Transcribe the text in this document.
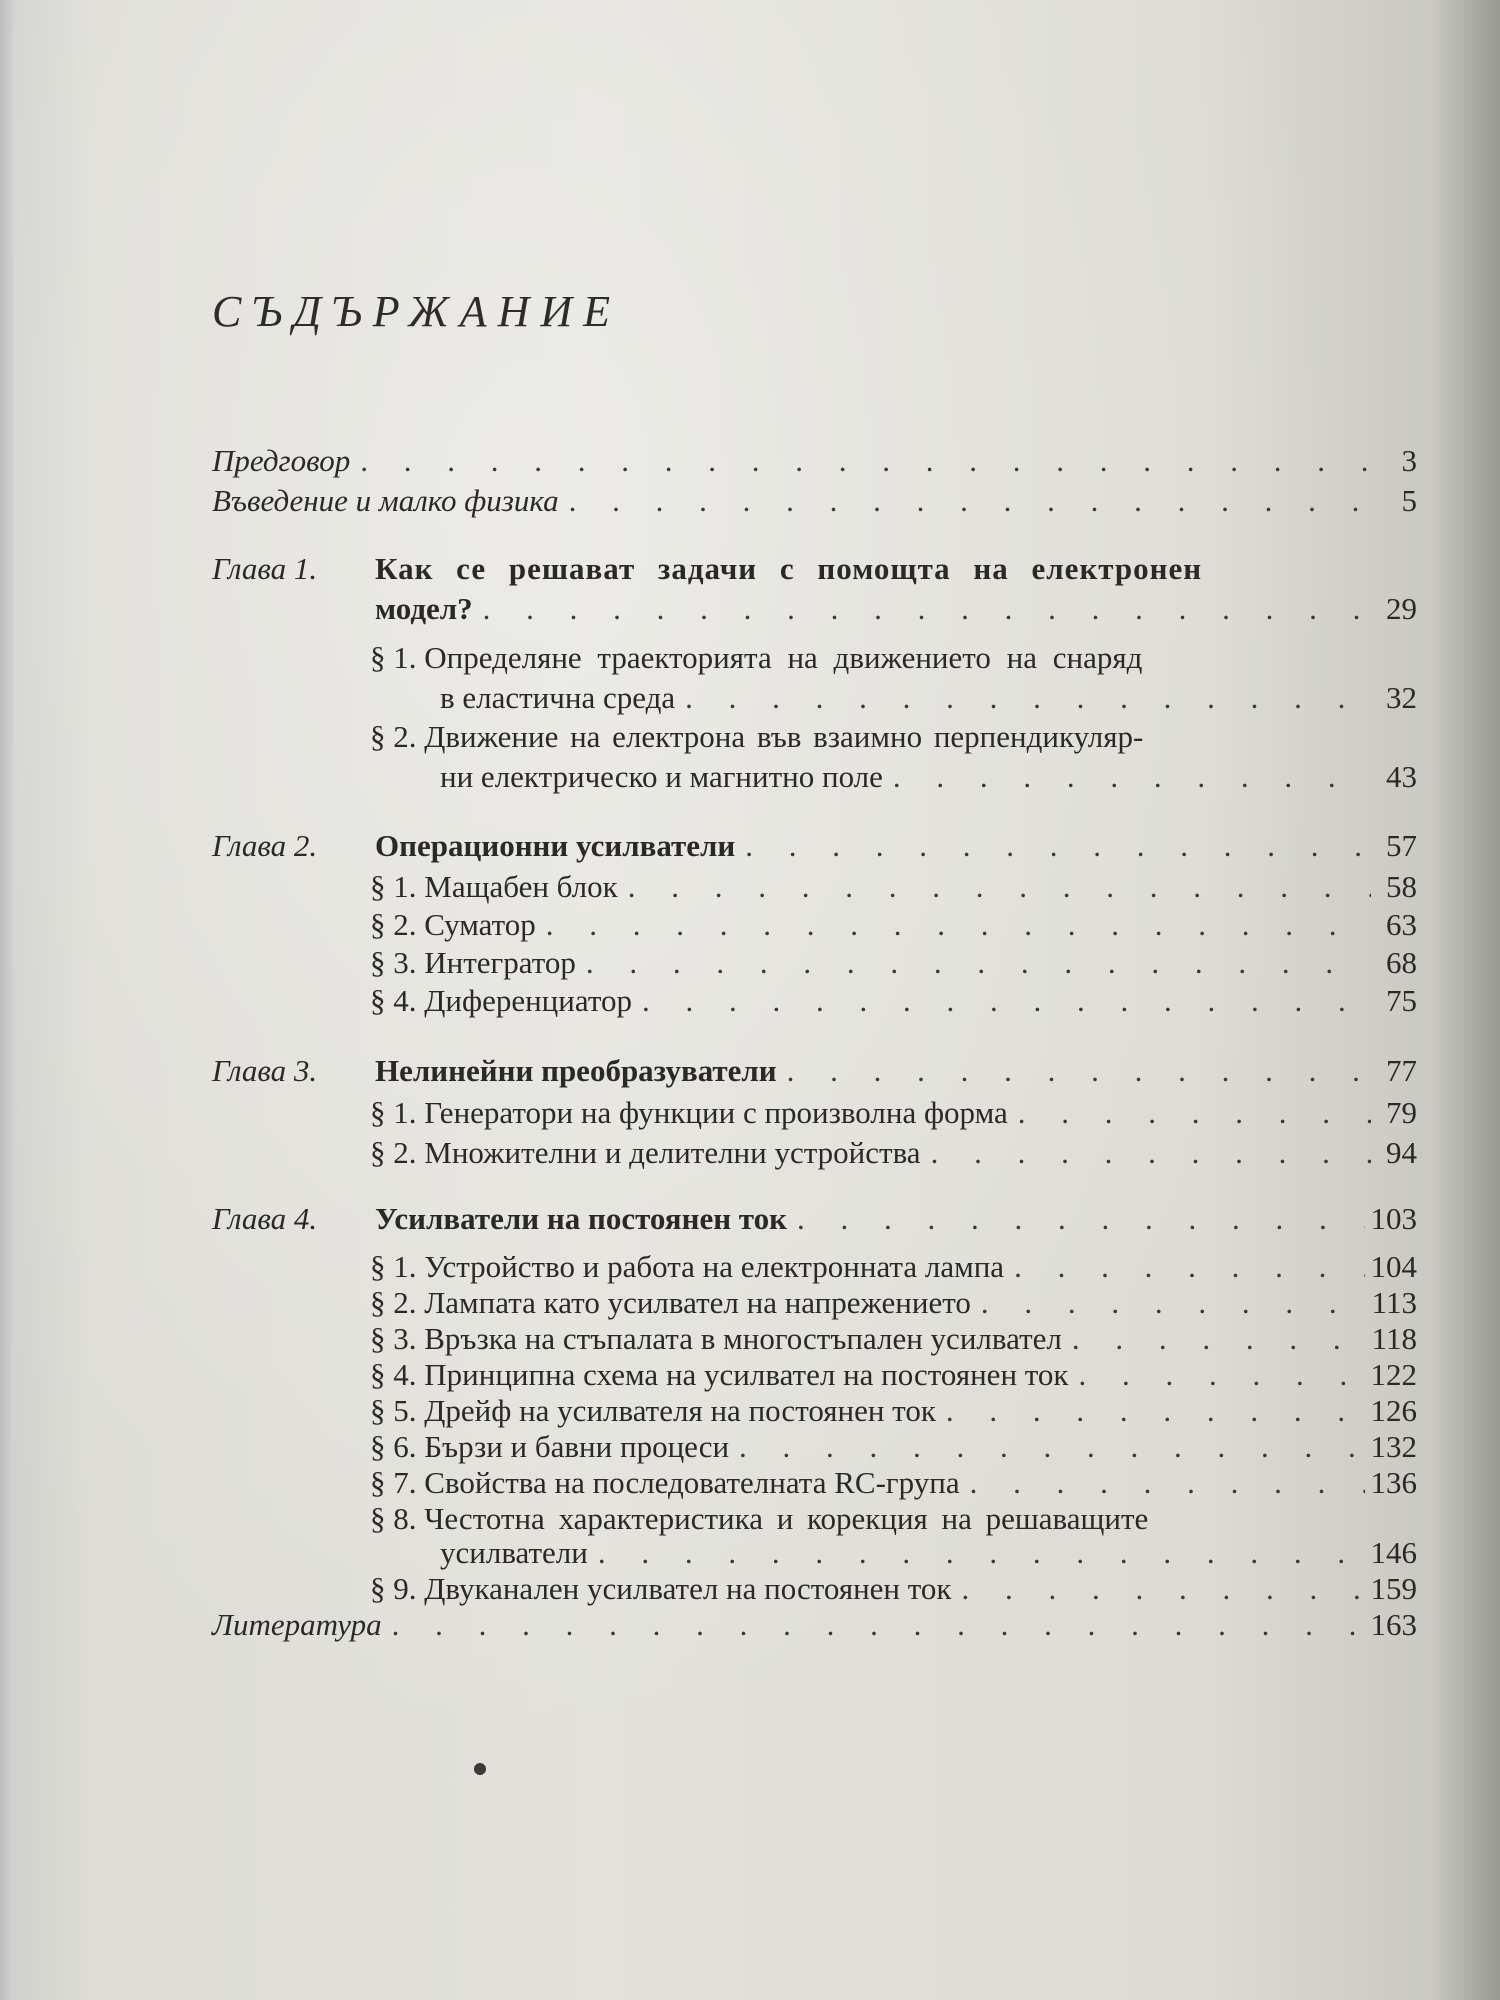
СЪДЪРЖАНИЕ
Предговор . . .	3
Въведение и малко физика . . .	5
Глава 1. Как се решават задачи с помощта на електронен
модел? . . .	29
§ 1. Определяне траекторията на движението на снаряд
в еластична среда . . .	32
§ 2. Движение на електрона във взаимно перпендикуляр-
ни електрическо и магнитно поле . . .	43
Глава 2.	Операционни усилватели . . .	57
§ 1. Мащабен блок . . .	58
§ 2. Суматор . . .	63
§ 3. Интегратор . . .	68
§ 4. Диференциатор . . .	75
Глава 3.	Нелинейни преобразуватели . . .	77
§ 1. Генератори на функции с произволна форма . . .	79
§ 2. Множителни и делителни устройства . . .	94
Глава 4.	Усилватели на постоянен ток . . .	103
§ 1. Устройство и работа на електронната лампа . . .	104
§ 2. Лампата като усилвател на напрежението . . .	113
§ 3. Връзка на стъпалата в многостъпален усилвател . . .	118
§ 4. Принципна схема на усилвател на постоянен ток . . .	122
§ 5. Дрейф на усилвателя на постоянен ток . . .	126
§ 6. Бързи и бавни процеси . . .	132
§ 7. Свойства на последователната RC-група . . .	136
§ 8. Честотна характеристика и корекция на решаващите
усилватели . . .	146
§ 9. Двуканален усилвател на постоянен ток . . .	159
Литература . . .	163
